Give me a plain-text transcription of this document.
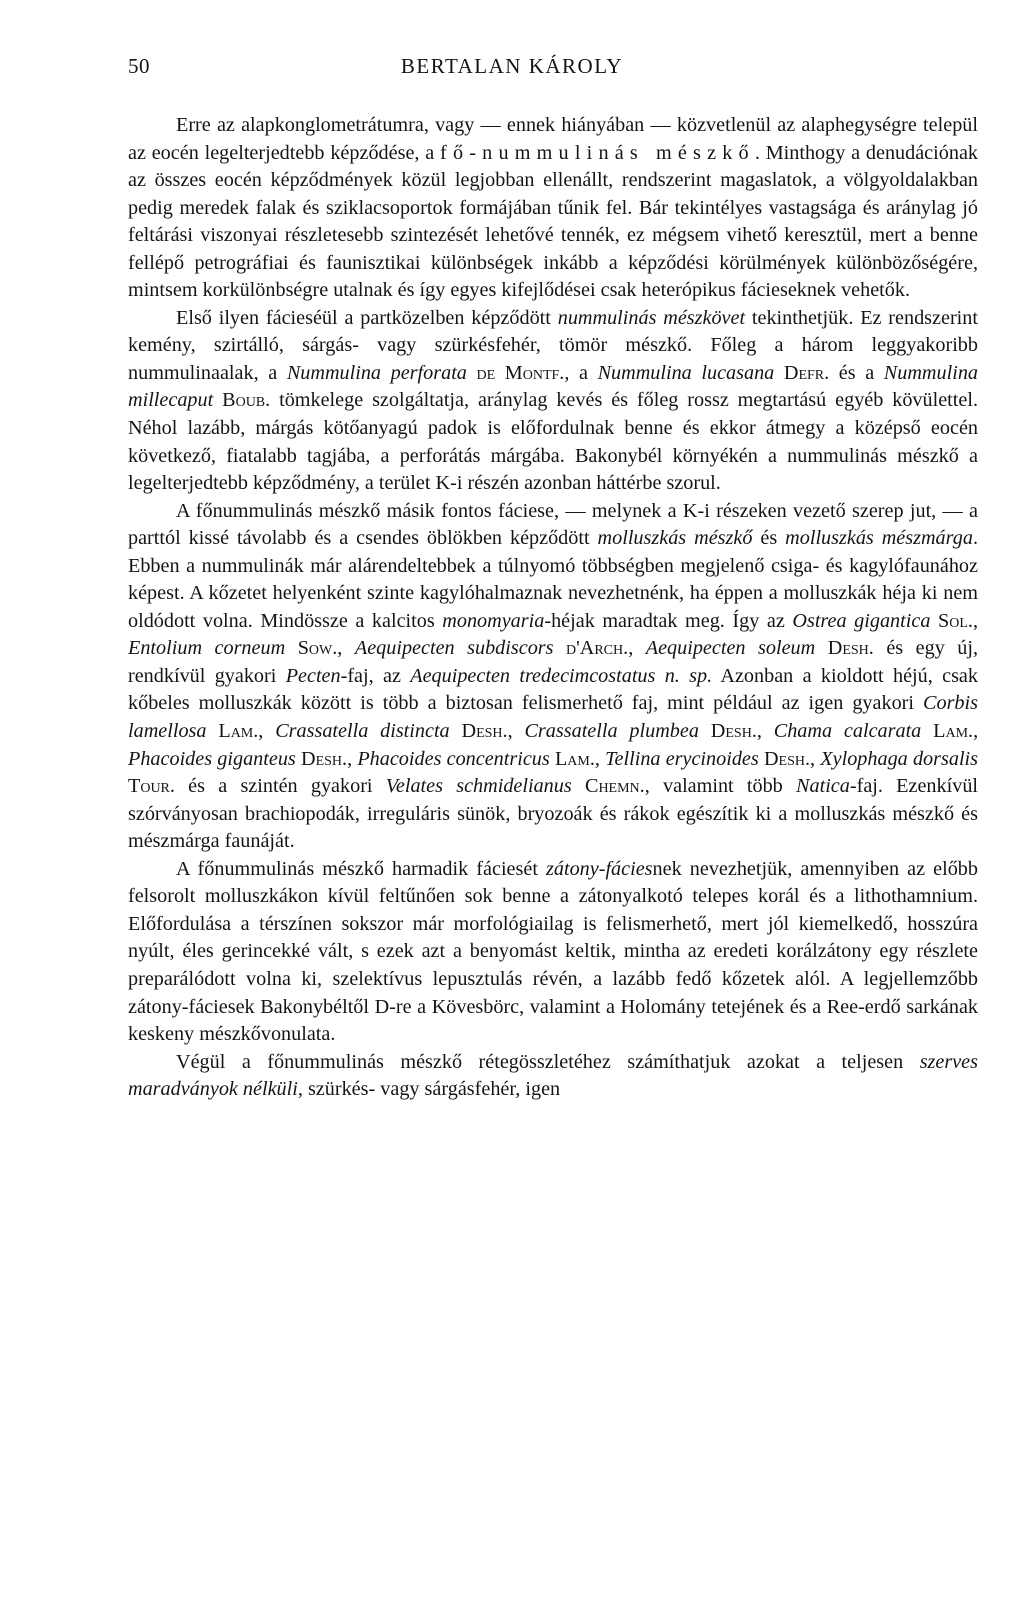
50	BERTALAN KÁROLY

Erre az alapkonglometrátumra, vagy — ennek hiányában — közvetlenül az alaphegységre települ az eocén legelterjedtebb képződése, a fő-nummulinás mészkő. Minthogy a denudációnak az összes eocén képződmények közül legjobban ellenállt, rendszerint magaslatok, a völgyoldalakban pedig meredek falak és sziklacsoportok formájában tűnik fel. Bár tekintélyes vastagsága és aránylag jó feltárási viszonyai részletesebb szintezését lehetővé tennék, ez mégsem vihető keresztül, mert a benne fellépő petrográfiai és faunisztikai különbségek inkább a képződési körülmények különbözőségére, mintsem korkülönbségre utalnak és így egyes kifejlődései csak heterópikus fácieseknek vehetők.

Első ilyen fácieséül a partközelben képződött nummulinás mészkövet tekinthetjük. Ez rendszerint kemény, szirtálló, sárgás- vagy szürkésfehér, tömör mészkő. Főleg a három leggyakoribb nummulinaalak, a Nummulina perforata de Montf., a Nummulina lucasana Defr. és a Nummulina millecaput Boub. tömkelege szolgáltatja, aránylag kevés és főleg rossz megtartású egyéb kövülettel. Néhol lazább, márgás kötőanyagú padok is előfordulnak benne és ekkor átmegy a középső eocén következő, fiatalabb tagjába, a perforátás márgába. Bakonybél környékén a nummulinás mészkő a legelterjedtebb képződmény, a terület K-i részén azonban háttérbe szorul.

A főnummulinás mészkő másik fontos fáciese, — melynek a K-i részeken vezető szerep jut, — a parttól kissé távolabb és a csendes öblökben képződött molluszkás mészkő és molluszkás mészmárga. Ebben a nummulinák már alárendeltebbek a túlnyomó többségben megjelenő csiga- és kagylófaunához képest. A kőzetet helyenként szinte kagylóhalmaznak nevezhetnénk, ha éppen a molluszkák héja ki nem oldódott volna. Mindössze a kalcitos monomyaria-héjak maradtak meg. Így az Ostrea gigantica Sol., Entolium corneum Sow., Aequipecten subdiscors d'Arch., Aequipecten soleum Desh. és egy új, rendkívül gyakori Pecten-faj, az Aequipecten tredecimcostatus n. sp. Azonban a kioldott héjú, csak kőbeles molluszkák között is több a biztosan felismerhető faj, mint például az igen gyakori Corbis lamellosa Lam., Crassatella distincta Desh., Crassatella plumbea Desh., Chama calcarata Lam., Phacoides giganteus Desh., Phacoides concentricus Lam., Tellina erycinoides Desh., Xylophaga dorsalis Tour. és a szintén gyakori Velates schmidelianus Chemn., valamint több Natica-faj. Ezenkívül szórványosan brachiopodák, irreguláris sünök, bryozoák és rákok egészítik ki a molluszkás mészkő és mészmárga faunáját.

A főnummulinás mészkő harmadik fáciesét zátony-fáciesnek nevezhetjük, amennyiben az előbb felsorolt molluszkákon kívül feltűnően sok benne a zátonyalkotó telepes korál és a lithothamnium. Előfordulása a térszínen sokszor már morfológiailag is felismerhető, mert jól kiemelkedő, hosszúra nyúlt, éles gerincekké vált, s ezek azt a benyomást keltik, mintha az eredeti korálzátony egy részlete preparálódott volna ki, szelektívus lepusztulás révén, a lazább fedő kőzetek alól. A legjellemzőbb zátony-fáciesek Bakonybéltől D-re a Kövesbörc, valamint a Holomány tetejének és a Ree-erdő sarkának keskeny mészkővonulata.

Végül a főnummulinás mészkő rétegösszletéhez számíthatjuk azokat a teljesen szerves maradványok nélküli, szürkés- vagy sárgásfehér, igen
